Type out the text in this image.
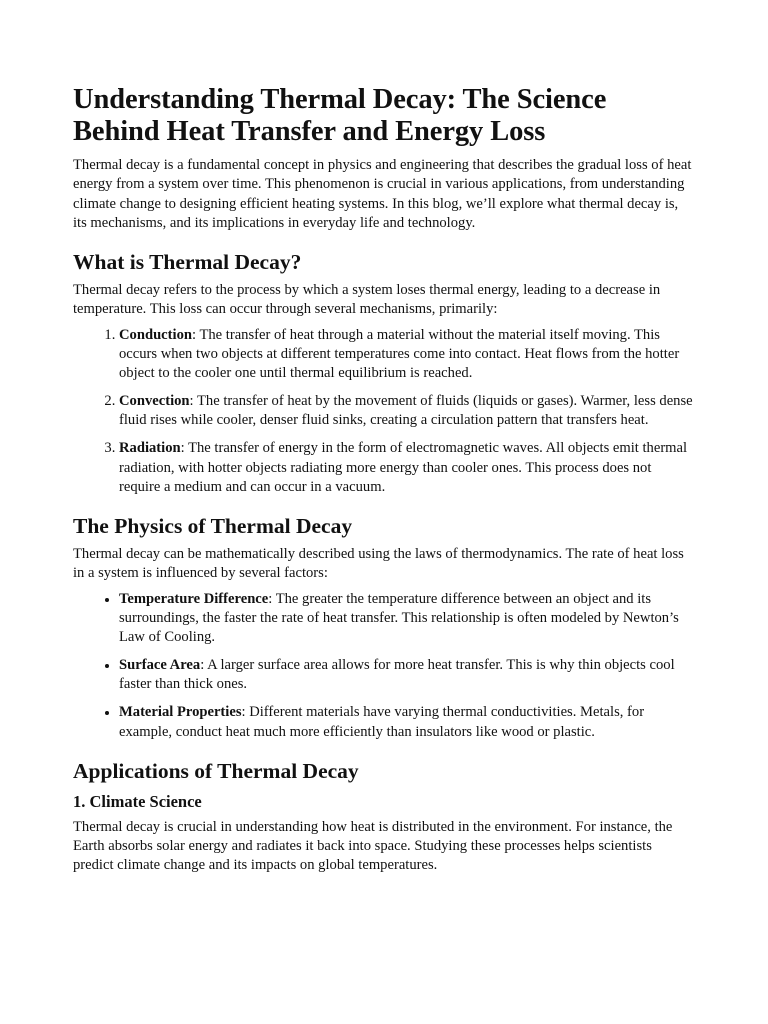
Understanding Thermal Decay: The Science Behind Heat Transfer and Energy Loss

Thermal decay is a fundamental concept in physics and engineering that describes the gradual loss of heat energy from a system over time. This phenomenon is crucial in various applications, from understanding climate change to designing efficient heating systems. In this blog, we’ll explore what thermal decay is, its mechanisms, and its implications in everyday life and technology.

What is Thermal Decay?

Thermal decay refers to the process by which a system loses thermal energy, leading to a decrease in temperature. This loss can occur through several mechanisms, primarily:

1. Conduction: The transfer of heat through a material without the material itself moving. This occurs when two objects at different temperatures come into contact. Heat flows from the hotter object to the cooler one until thermal equilibrium is reached.
2. Convection: The transfer of heat by the movement of fluids (liquids or gases). Warmer, less dense fluid rises while cooler, denser fluid sinks, creating a circulation pattern that transfers heat.
3. Radiation: The transfer of energy in the form of electromagnetic waves. All objects emit thermal radiation, with hotter objects radiating more energy than cooler ones. This process does not require a medium and can occur in a vacuum.
The Physics of Thermal Decay

Thermal decay can be mathematically described using the laws of thermodynamics. The rate of heat loss in a system is influenced by several factors:

• Temperature Difference: The greater the temperature difference between an object and its surroundings, the faster the rate of heat transfer. This relationship is often modeled by Newton’s Law of Cooling.
• Surface Area: A larger surface area allows for more heat transfer. This is why thin objects cool faster than thick ones.
• Material Properties: Different materials have varying thermal conductivities. Metals, for example, conduct heat much more efficiently than insulators like wood or plastic.
Applications of Thermal Decay
1. Climate Science

Thermal decay is crucial in understanding how heat is distributed in the environment. For instance, the Earth absorbs solar energy and radiates it back into space. Studying these processes helps scientists predict climate change and its impacts on global temperatures.
